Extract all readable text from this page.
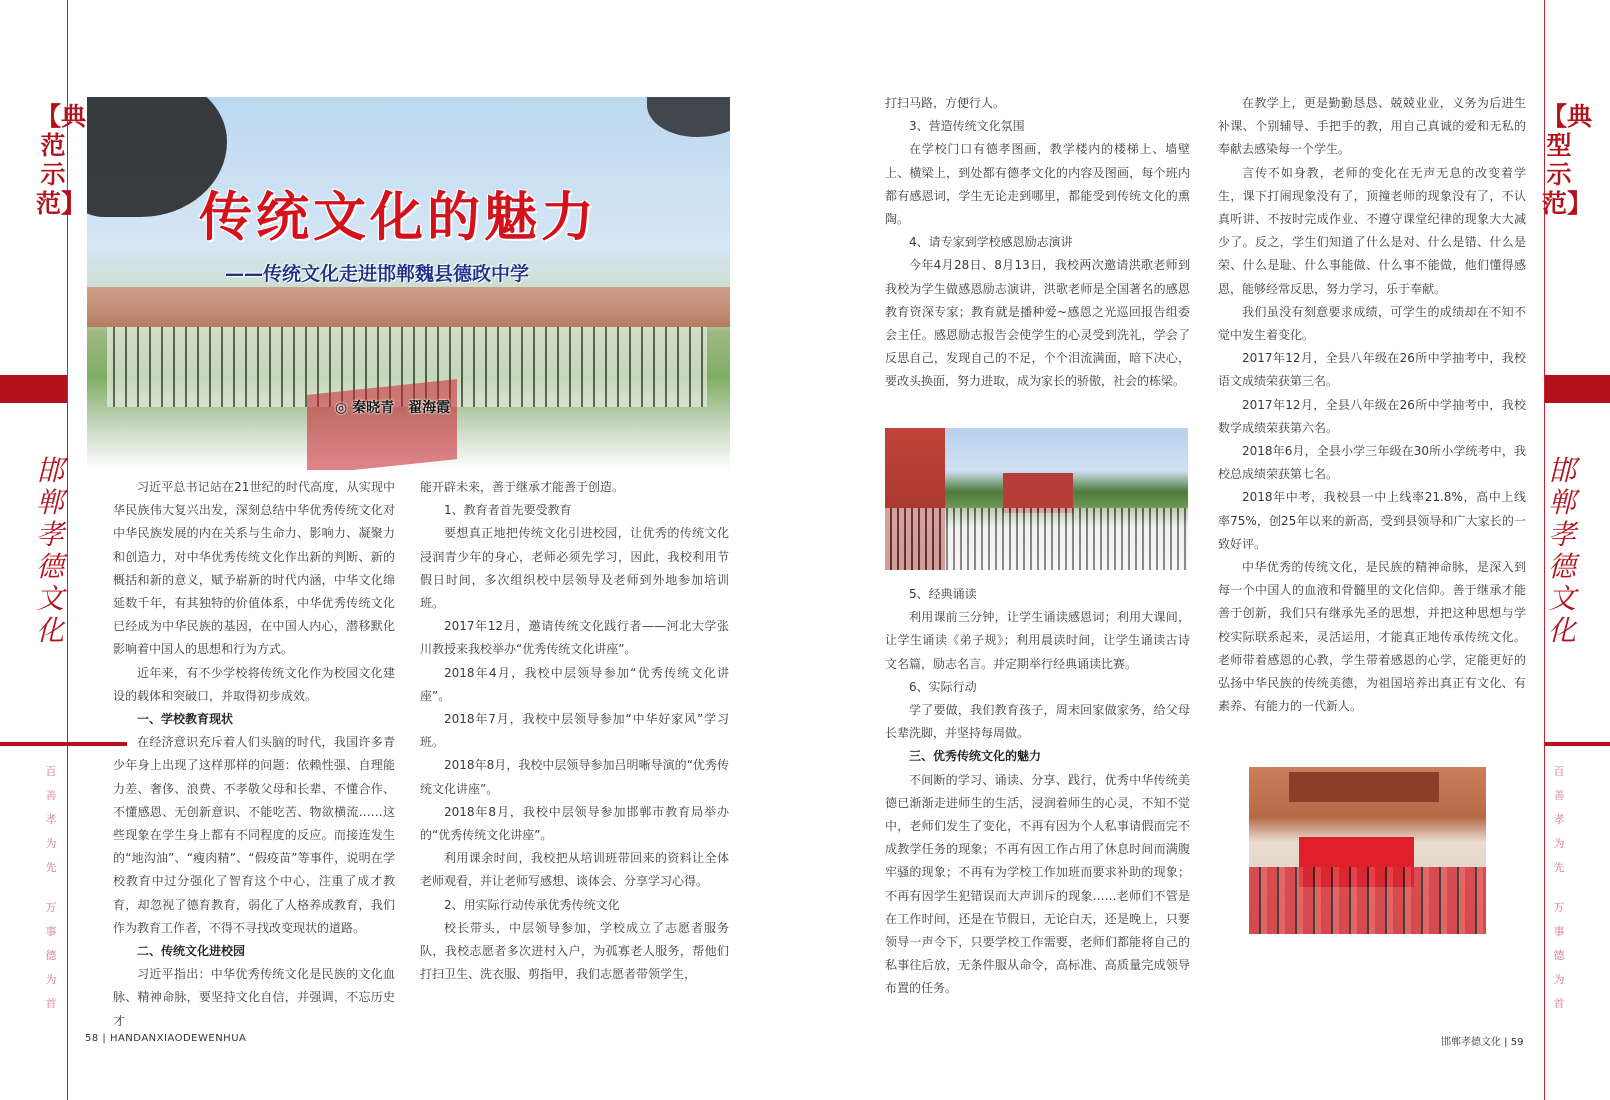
【典范示范】
【典型示范】
邯郸孝德文化
邯郸孝德文化
百善孝为先
万事德为首
百善孝为先
万事德为首
传统文化的魅力
——传统文化走进邯郸魏县德政中学
◎ 秦晓青　翟海霞

习近平总书记站在21世纪的时代高度，从实现中华民族伟大复兴出发，深刻总结中华优秀传统文化对中华民族发展的内在关系与生命力、影响力、凝聚力和创造力，对中华优秀传统文化作出新的判断、新的概括和新的意义，赋予崭新的时代内涵，中华文化绵延数千年，有其独特的价值体系，中华优秀传统文化已经成为中华民族的基因，在中国人内心，潜移默化影响着中国人的思想和行为方式。

近年来，有不少学校将传统文化作为校园文化建设的载体和突破口，并取得初步成效。

一、学校教育现状

在经济意识充斥着人们头脑的时代，我国许多青少年身上出现了这样那样的问题：依赖性强、自理能力差、奢侈、浪费、不孝敬父母和长辈、不懂合作、不懂感恩、无创新意识、不能吃苦、物欲横流……这些现象在学生身上都有不同程度的反应。而接连发生的“地沟油”、“瘦肉精”、“假疫苗”等事件，说明在学校教育中过分强化了智育这个中心，注重了成才教育，却忽视了德育教育，弱化了人格养成教育，我们作为教育工作者，不得不寻找改变现状的道路。

二、传统文化进校园

习近平指出：中华优秀传统文化是民族的文化血脉、精神命脉，要坚持文化自信，并强调，不忘历史才

能开辟未来，善于继承才能善于创造。

1、教育者首先要受教育

要想真正地把传统文化引进校园，让优秀的传统文化浸润青少年的身心，老师必须先学习，因此，我校利用节假日时间，多次组织校中层领导及老师到外地参加培训班。

2017年12月，邀请传统文化践行者——河北大学张川教授来我校举办“优秀传统文化讲座”。

2018年4月，我校中层领导参加“优秀传统文化讲座”。

2018年7月，我校中层领导参加“中华好家风”学习班。

2018年8月，我校中层领导参加吕明晰导演的“优秀传统文化讲座”。

2018年8月，我校中层领导参加邯郸市教育局举办的“优秀传统文化讲座”。

利用课余时间，我校把从培训班带回来的资料让全体老师观看，并让老师写感想、谈体会、分享学习心得。

2、用实际行动传承优秀传统文化

校长带头，中层领导参加，学校成立了志愿者服务队，我校志愿者多次进村入户，为孤寡老人服务，帮他们打扫卫生、洗衣服、剪指甲，我们志愿者带领学生，

打扫马路，方便行人。

3、营造传统文化氛围

在学校门口有德孝图画，教学楼内的楼梯上、墙壁上、横梁上，到处都有德孝文化的内容及图画，每个班内都有感恩词，学生无论走到哪里，都能受到传统文化的熏陶。

4、请专家到学校感恩励志演讲

今年4月28日、8月13日，我校两次邀请洪歌老师到我校为学生做感恩励志演讲，洪歌老师是全国著名的感恩教育资深专家；教育就是播种爱~感恩之光巡回报告组委会主任。感恩励志报告会使学生的心灵受到洗礼，学会了反思自己，发现自己的不足，个个泪流满面，暗下决心，要改头换面，努力进取，成为家长的骄傲，社会的栋梁。

5、经典诵读

利用课前三分钟，让学生诵读感恩词；利用大课间，让学生诵读《弟子规》；利用晨读时间，让学生诵读古诗文名篇，励志名言。并定期举行经典诵读比赛。

6、实际行动

学了要做，我们教育孩子，周末回家做家务，给父母长辈洗脚，并坚持每周做。

三、优秀传统文化的魅力

不间断的学习、诵读、分享、践行，优秀中华传统美德已渐渐走进师生的生活，浸润着师生的心灵，不知不觉中，老师们发生了变化，不再有因为个人私事请假而完不成教学任务的现象；不再有因工作占用了休息时间而满腹牢骚的现象；不再有为学校工作加班而要求补助的现象；不再有因学生犯错误而大声训斥的现象……老师们不管是在工作时间，还是在节假日，无论白天，还是晚上，只要领导一声令下，只要学校工作需要，老师们都能将自己的私事往后放，无条件服从命令，高标准、高质量完成领导布置的任务。

在教学上，更是勤勤恳恳、兢兢业业，义务为后进生补课、个别辅导、手把手的教，用自己真诚的爱和无私的奉献去感染每一个学生。

言传不如身教，老师的变化在无声无息的改变着学生，课下打闹现象没有了，顶撞老师的现象没有了，不认真听讲、不按时完成作业、不遵守课堂纪律的现象大大减少了。反之，学生们知道了什么是对、什么是错、什么是荣、什么是耻、什么事能做、什么事不能做，他们懂得感恩，能够经常反思，努力学习，乐于奉献。

我们虽没有刻意要求成绩，可学生的成绩却在不知不觉中发生着变化。

2017年12月，全县八年级在26所中学抽考中，我校语文成绩荣获第三名。

2017年12月，全县八年级在26所中学抽考中，我校数学成绩荣获第六名。

2018年6月，全县小学三年级在30所小学统考中，我校总成绩荣获第七名。

2018年中考，我校县一中上线率21.8%，高中上线率75%，创25年以来的新高，受到县领导和广大家长的一致好评。

中华优秀的传统文化，是民族的精神命脉，是深入到每一个中国人的血液和骨髓里的文化信仰。善于继承才能善于创新，我们只有继承先圣的思想，并把这种思想与学校实际联系起来，灵活运用，才能真正地传承传统文化。老师带着感恩的心教，学生带着感恩的心学，定能更好的弘扬中华民族的传统美德，为祖国培养出真正有文化、有素养、有能力的一代新人。

58 | HANDANXIAODEWENHUA	邯郸孝德文化 | 59
